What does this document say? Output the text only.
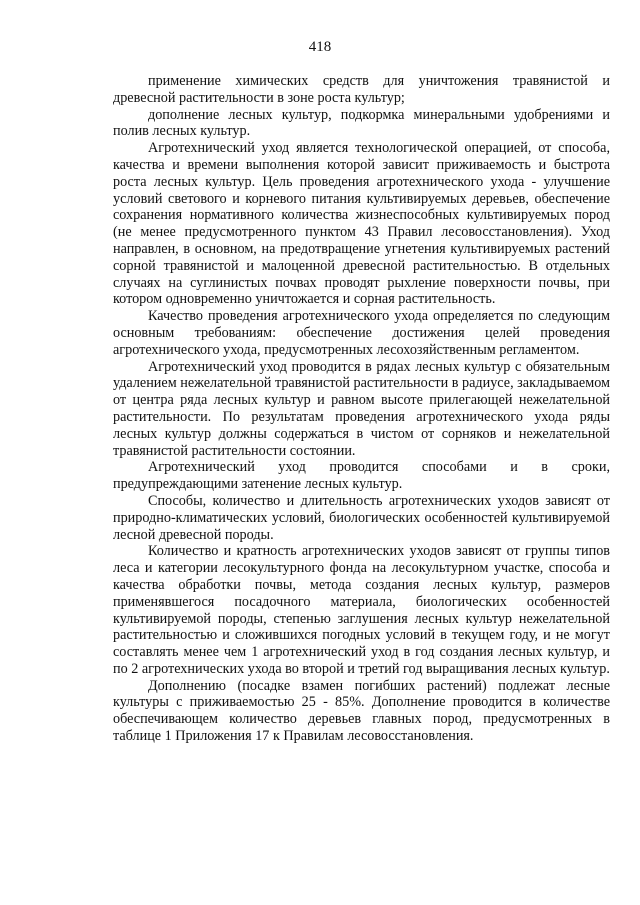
418

применение химических средств для уничтожения травянистой и древесной растительности в зоне роста культур;

дополнение лесных культур, подкормка минеральными удобрениями и полив лесных культур.

Агротехнический уход является технологической операцией, от способа, качества и времени выполнения которой зависит приживаемость и быстрота роста лесных культур. Цель проведения агротехнического ухода - улучшение условий светового и корневого питания культивируемых деревьев, обеспечение сохранения нормативного количества жизнеспособных культивируемых пород (не менее предусмотренного пунктом 43 Правил лесовосстановления). Уход направлен, в основном, на предотвращение угнетения культивируемых растений сорной травянистой и малоценной древесной растительностью. В отдельных случаях на суглинистых почвах проводят рыхление поверхности почвы, при котором одновременно уничтожается и сорная растительность.

Качество проведения агротехнического ухода определяется по следующим основным требованиям: обеспечение достижения целей проведения агротехнического ухода, предусмотренных лесохозяйственным регламентом.

Агротехнический уход проводится в рядах лесных культур с обязательным удалением нежелательной травянистой растительности в радиусе, закладываемом от центра ряда лесных культур и равном высоте прилегающей нежелательной растительности. По результатам проведения агротехнического ухода ряды лесных культур должны содержаться в чистом от сорняков и нежелательной травянистой растительности состоянии.

Агротехнический уход проводится способами и в сроки, предупреждающими затенение лесных культур.

Способы, количество и длительность агротехнических уходов зависят от природно-климатических условий, биологических особенностей культивируемой лесной древесной породы.

Количество и кратность агротехнических уходов зависят от группы типов леса и категории лесокультурного фонда на лесокультурном участке, способа и качества обработки почвы, метода создания лесных культур, размеров применявшегося посадочного материала, биологических особенностей культивируемой породы, степенью заглушения лесных культур нежелательной растительностью и сложившихся погодных условий в текущем году, и не могут составлять менее чем 1 агротехнический уход в год создания лесных культур, и по 2 агротехнических ухода во второй и третий год выращивания лесных культур.

Дополнению (посадке взамен погибших растений) подлежат лесные культуры с приживаемостью 25 - 85%. Дополнение проводится в количестве обеспечивающем количество деревьев главных пород, предусмотренных в таблице 1 Приложения 17 к Правилам лесовосстановления.
